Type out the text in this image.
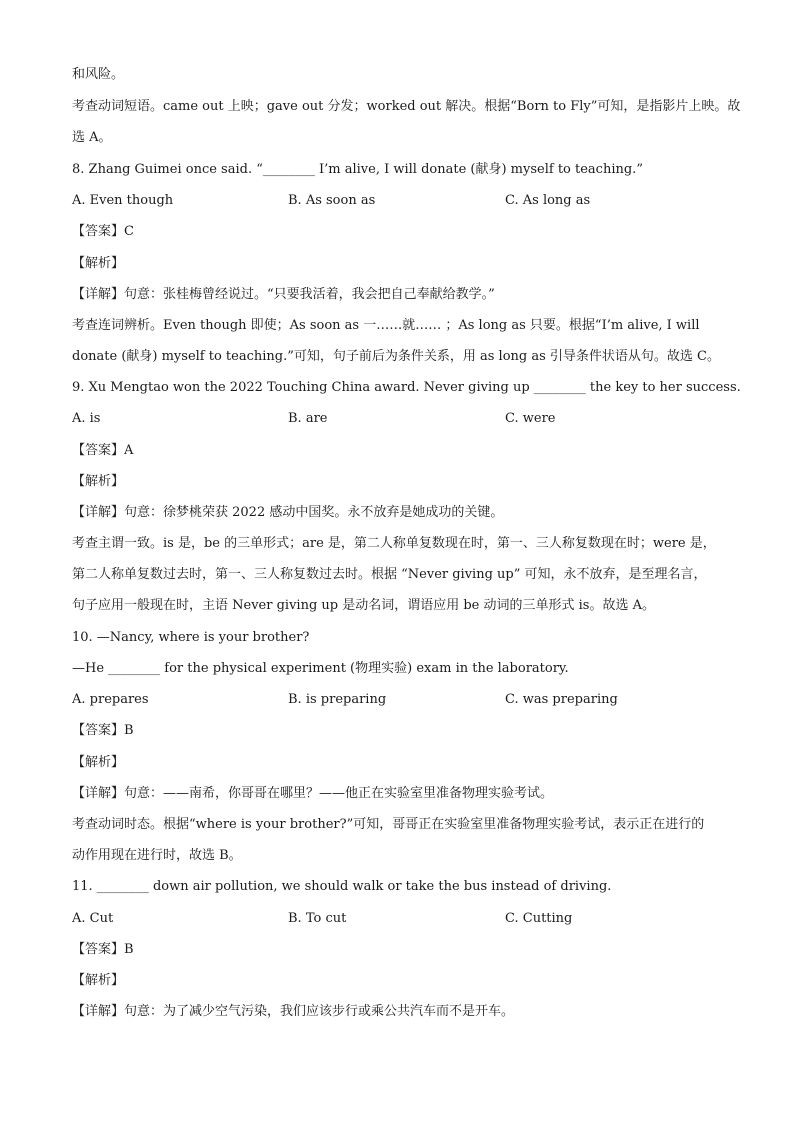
和风险。
考查动词短语。came out 上映；gave out 分发；worked out 解决。根据“Born to Fly”可知，是指影片上映。故
选 A。
8. Zhang Guimei once said. “________ I’m alive, I will donate (献身) myself to teaching.”
A. Even though	B. As soon as	C. As long as
【答案】C
【解析】
【详解】句意：张桂梅曾经说过。“只要我活着，我会把自己奉献给教学。”
考查连词辨析。Even though 即使；As soon as 一……就…… ；As long as 只要。根据“I’m alive, I will
donate (献身) myself to teaching.”可知，句子前后为条件关系，用 as long as 引导条件状语从句。故选 C。
9. Xu Mengtao won the 2022 Touching China award. Never giving up ________ the key to her success.
A. is	B. are	C. were
【答案】A
【解析】
【详解】句意：徐梦桃荣获 2022 感动中国奖。永不放弃是她成功的关键。
考查主谓一致。is 是，be 的三单形式；are 是，第二人称单复数现在时，第一、三人称复数现在时；were 是，
第二人称单复数过去时，第一、三人称复数过去时。根据 “Never giving up” 可知，永不放弃，是至理名言，
句子应用一般现在时，主语 Never giving up 是动名词，谓语应用 be 动词的三单形式 is。故选 A。
10. —Nancy, where is your brother?
—He ________ for the physical experiment (物理实验) exam in the laboratory.
A. prepares	B. is preparing	C. was preparing
【答案】B
【解析】
【详解】句意：——南希，你哥哥在哪里？——他正在实验室里准备物理实验考试。
考查动词时态。根据“where is your brother?”可知，哥哥正在实验室里准备物理实验考试，表示正在进行的
动作用现在进行时，故选 B。
11. ________ down air pollution, we should walk or take the bus instead of driving.
A. Cut	B. To cut	C. Cutting
【答案】B
【解析】
【详解】句意：为了减少空气污染，我们应该步行或乘公共汽车而不是开车。
